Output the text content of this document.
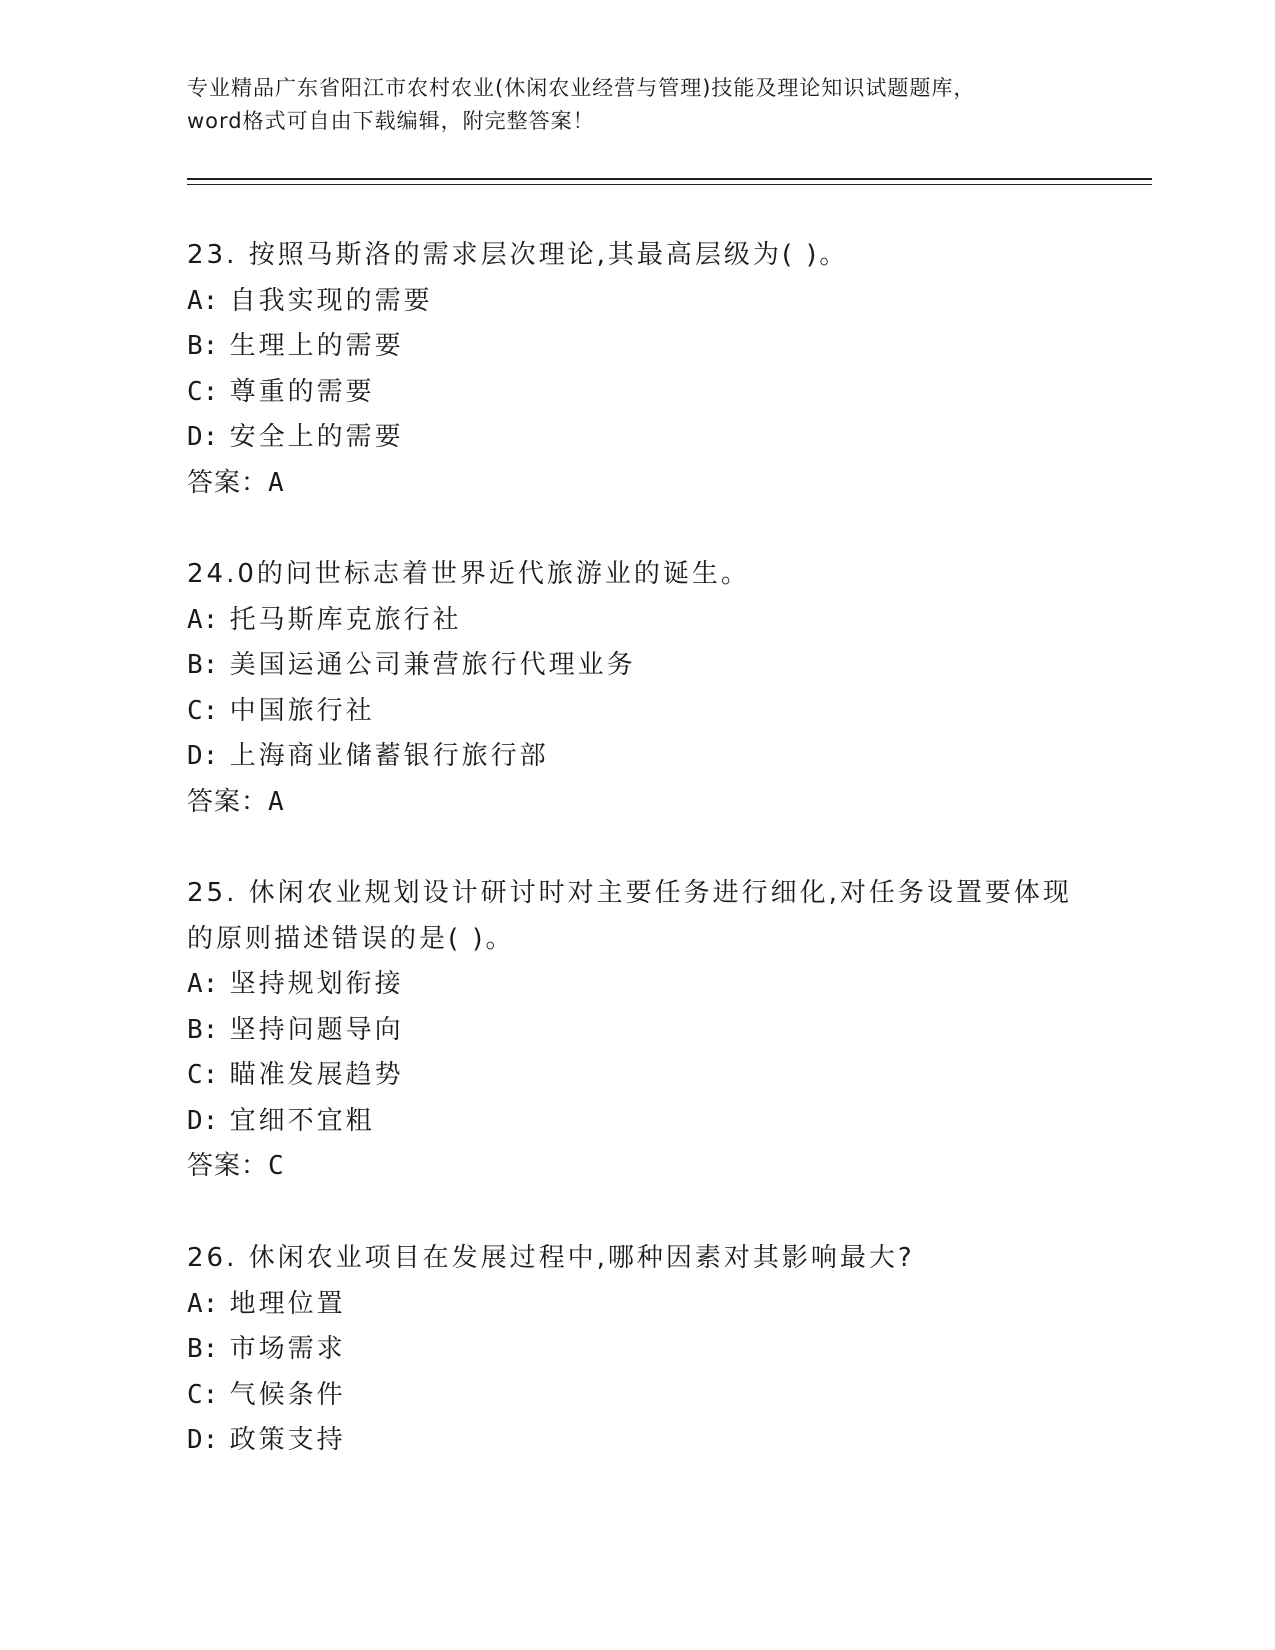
专业精品广东省阳江市农村农业(休闲农业经营与管理)技能及理论知识试题题库，
word格式可自由下载编辑，附完整答案！
23. 按照马斯洛的需求层次理论,其最高层级为( )。
A: 自我实现的需要
B: 生理上的需要
C: 尊重的需要
D: 安全上的需要
答案：A
24.0的问世标志着世界近代旅游业的诞生。
A: 托马斯库克旅行社
B: 美国运通公司兼营旅行代理业务
C: 中国旅行社
D: 上海商业储蓄银行旅行部
答案：A
25. 休闲农业规划设计研讨时对主要任务进行细化,对任务设置要体现
的原则描述错误的是( )。
A: 坚持规划衔接
B: 坚持问题导向
C: 瞄准发展趋势
D: 宜细不宜粗
答案：C
26. 休闲农业项目在发展过程中,哪种因素对其影响最大?
A: 地理位置
B: 市场需求
C: 气候条件
D: 政策支持
